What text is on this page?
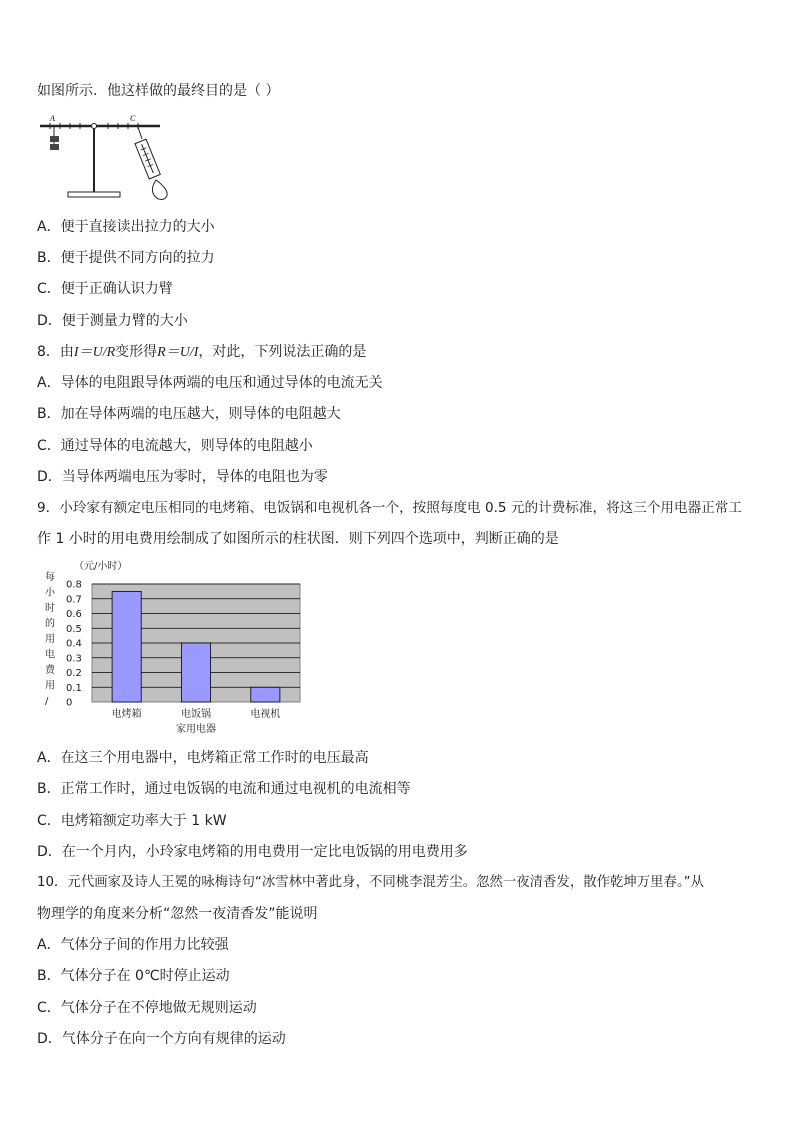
如图所示．他这样做的最终目的是（ ）
A	C
A．便于直接读出拉力的大小
B．便于提供不同方向的拉力
C．便于正确认识力臂
D．便于测量力臂的大小
8．由I＝U/R变形得R＝U/I，对此，下列说法正确的是
A．导体的电阻跟导体两端的电压和通过导体的电流无关
B．加在导体两端的电压越大，则导体的电阻越大
C．通过导体的电流越大，则导体的电阻越小
D．当导体两端电压为零时，导体的电阻也为零
9．小玲家有额定电压相同的电烤箱、电饭锅和电视机各一个，按照每度电 0.5 元的计费标准，将这三个用电器正常工
作 1 小时的用电费用绘制成了如图所示的柱状图．则下列四个选项中，判断正确的是
（元/小时）
每
小
时
的
用
电
费
用
/ 0
0.1
0.2
0.3
0.4
0.5
0.6
0.7
0.8
电烤箱	电饭锅	电视机
家用电器
A．在这三个用电器中，电烤箱正常工作时的电压最高
B．正常工作时，通过电饭锅的电流和通过电视机的电流相等
C．电烤箱额定功率大于 1 kW
D．在一个月内，小玲家电烤箱的用电费用一定比电饭锅的用电费用多
10．元代画家及诗人王冕的咏梅诗句“冰雪林中著此身，不同桃李混芳尘。忽然一夜清香发，散作乾坤万里春。”从
物理学的角度来分析“忽然一夜清香发”能说明
A．气体分子间的作用力比较强
B．气体分子在 0℃时停止运动
C．气体分子在不停地做无规则运动
D．气体分子在向一个方向有规律的运动
